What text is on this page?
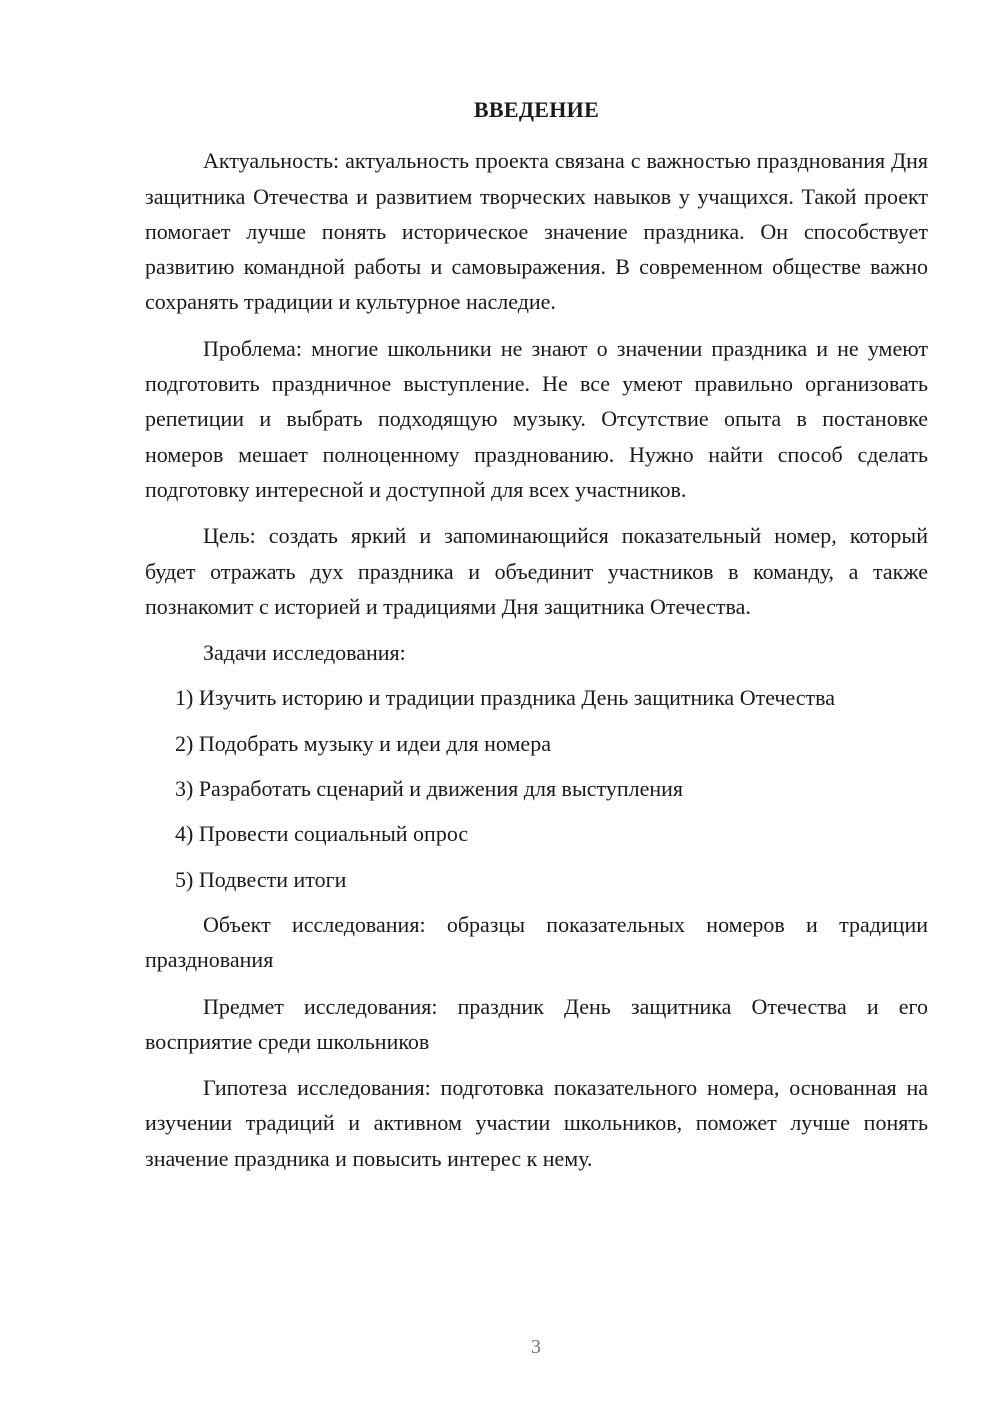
ВВЕДЕНИЕ

Актуальность: актуальность проекта связана с важностью празднования Дня защитника Отечества и развитием творческих навыков у учащихся. Такой проект помогает лучше понять историческое значение праздника. Он способствует развитию командной работы и самовыражения. В современном обществе важно сохранять традиции и культурное наследие.

Проблема: многие школьники не знают о значении праздника и не умеют подготовить праздничное выступление. Не все умеют правильно организовать репетиции и выбрать подходящую музыку. Отсутствие опыта в постановке номеров мешает полноценному празднованию. Нужно найти способ сделать подготовку интересной и доступной для всех участников.

Цель: создать яркий и запоминающийся показательный номер, который будет отражать дух праздника и объединит участников в команду, а также познакомит с историей и традициями Дня защитника Отечества.

Задачи исследования:

1) Изучить историю и традиции праздника День защитника Отечества
2) Подобрать музыку и идеи для номера
3) Разработать сценарий и движения для выступления
4) Провести социальный опрос
5) Подвести итоги

Объект исследования: образцы показательных номеров и традиции празднования

Предмет исследования: праздник День защитника Отечества и его восприятие среди школьников

Гипотеза исследования: подготовка показательного номера, основанная на изучении традиций и активном участии школьников, поможет лучше понять значение праздника и повысить интерес к нему.

3
